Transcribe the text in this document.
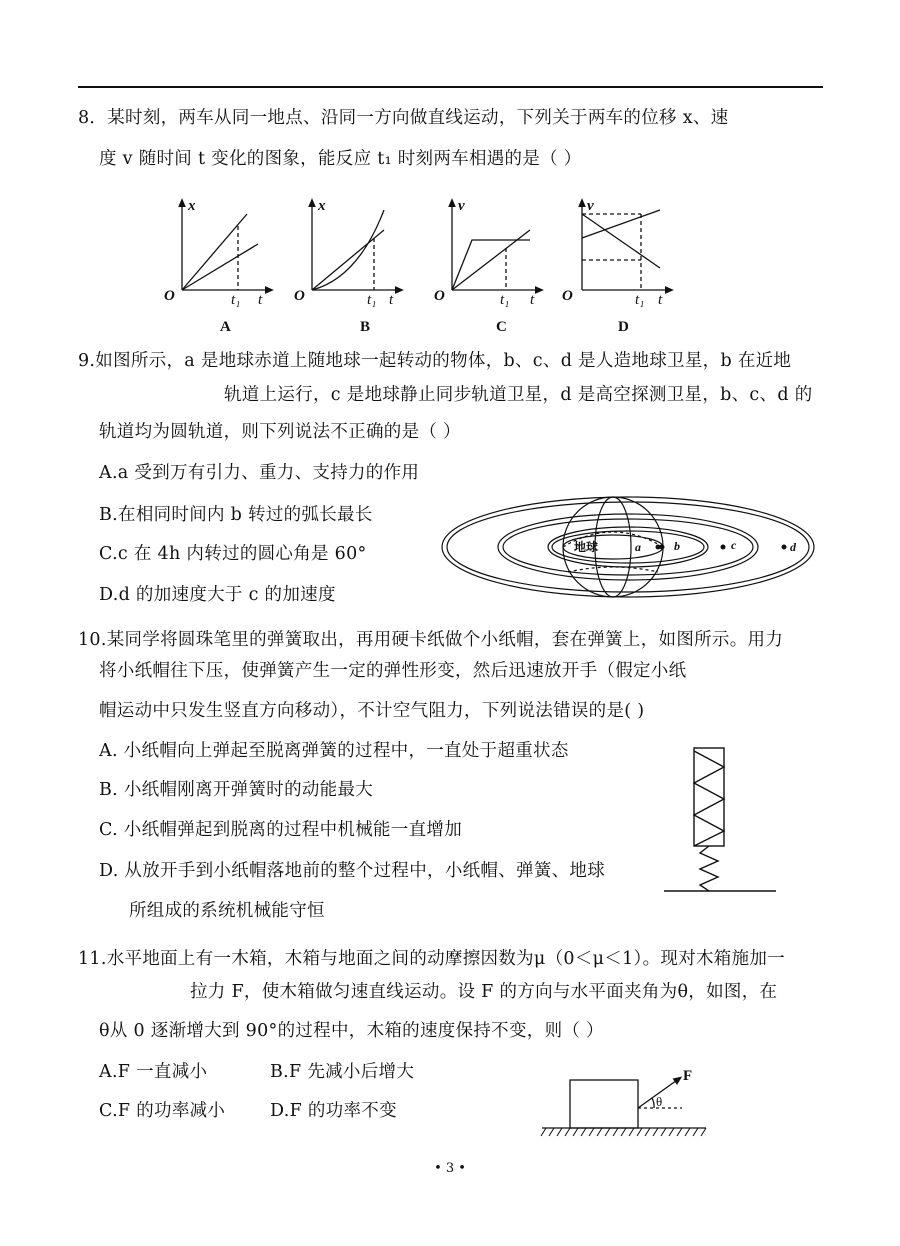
8．某时刻，两车从同一地点、沿同一方向做直线运动，下列关于两车的位移 x、速
度 v 随时间 t 变化的图象，能反应 t₁ 时刻两车相遇的是（ ）
x
O	t
t₁
A
x
O	t
t₁
B
v
O	t
t₁
C
v
O	t
t₁
D
9.如图所示，a 是地球赤道上随地球一起转动的物体，b、c、d 是人造地球卫星，b 在近地
轨道上运行，c 是地球静止同步轨道卫星，d 是高空探测卫星，b、c、d 的
轨道均为圆轨道，则下列说法不正确的是（ ）
A.a 受到万有引力、重力、支持力的作用
B.在相同时间内 b 转过的弧长最长
C.c 在 4h 内转过的圆心角是 60°
D.d 的加速度大于 c 的加速度
地球	a	b	c	d
10.某同学将圆珠笔里的弹簧取出，再用硬卡纸做个小纸帽，套在弹簧上，如图所示。用力
将小纸帽往下压，使弹簧产生一定的弹性形变，然后迅速放开手（假定小纸
帽运动中只发生竖直方向移动），不计空气阻力，下列说法错误的是( )
A. 小纸帽向上弹起至脱离弹簧的过程中，一直处于超重状态
B. 小纸帽刚离开弹簧时的动能最大
C. 小纸帽弹起到脱离的过程中机械能一直增加
D. 从放开手到小纸帽落地前的整个过程中，小纸帽、弹簧、地球
所组成的系统机械能守恒
11.水平地面上有一木箱，木箱与地面之间的动摩擦因数为μ（0＜μ＜1）。现对木箱施加一
拉力 F，使木箱做匀速直线运动。设 F 的方向与水平面夹角为θ，如图，在
θ从 0 逐渐增大到 90°的过程中，木箱的速度保持不变，则（ ）
A.F 一直减小	B.F 先减小后增大
C.F 的功率减小	D.F 的功率不变
F
θ
• 3 •
